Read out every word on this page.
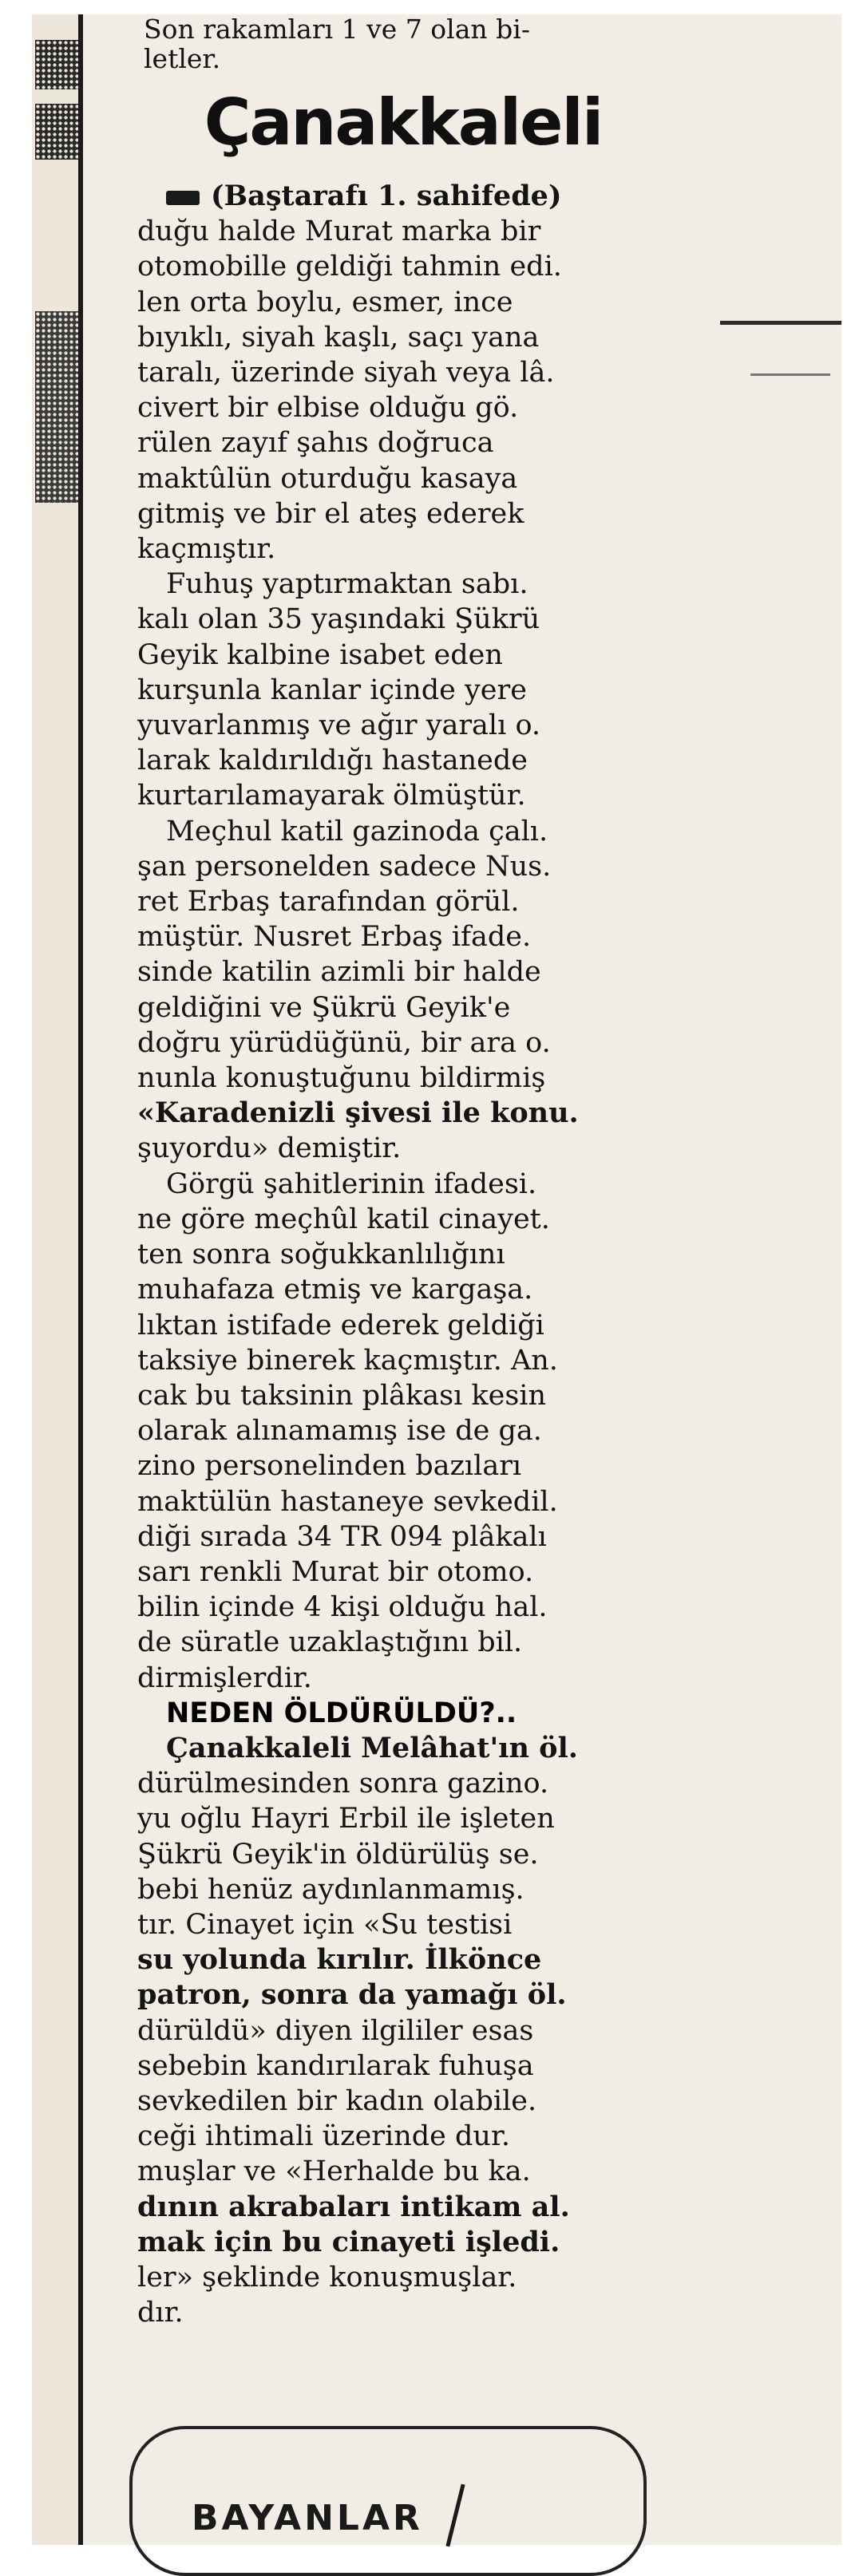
Son rakamları 1 ve 7 olan bi-
letler.
Çanakkaleli
(Baştarafı 1. sahifede)
duğu halde Murat marka bir
otomobille geldiği tahmin edi.
len orta boylu, esmer, ince
bıyıklı, siyah kaşlı, saçı yana
taralı, üzerinde siyah veya lâ.
civert bir elbise olduğu gö.
rülen zayıf şahıs doğruca
maktûlün oturduğu kasaya
gitmiş ve bir el ateş ederek
kaçmıştır.
Fuhuş yaptırmaktan sabı.
kalı olan 35 yaşındaki Şükrü
Geyik kalbine isabet eden
kurşunla kanlar içinde yere
yuvarlanmış ve ağır yaralı o.
larak kaldırıldığı hastanede
kurtarılamayarak ölmüştür.
Meçhul katil gazinoda çalı.
şan personelden sadece Nus.
ret Erbaş tarafından görül.
müştür. Nusret Erbaş ifade.
sinde katilin azimli bir halde
geldiğini ve Şükrü Geyik'e
doğru yürüdüğünü, bir ara o.
nunla konuştuğunu bildirmiş
«Karadenizli şivesi ile konu.
şuyordu» demiştir.
Görgü şahitlerinin ifadesi.
ne göre meçhûl katil cinayet.
ten sonra soğukkanlılığını
muhafaza etmiş ve kargaşa.
lıktan istifade ederek geldiği
taksiye binerek kaçmıştır. An.
cak bu taksinin plâkası kesin
olarak alınamamış ise de ga.
zino personelinden bazıları
maktülün hastaneye sevkedil.
diği sırada 34 TR 094 plâkalı
sarı renkli Murat bir otomo.
bilin içinde 4 kişi olduğu hal.
de süratle uzaklaştığını bil.
dirmişlerdir.
NEDEN ÖLDÜRÜLDÜ?..
Çanakkaleli Melâhat'ın öl.
dürülmesinden sonra gazino.
yu oğlu Hayri Erbil ile işleten
Şükrü Geyik'in öldürülüş se.
bebi henüz aydınlanmamış.
tır. Cinayet için «Su testisi
su yolunda kırılır. İlkönce
patron, sonra da yamağı öl.
dürüldü» diyen ilgililer esas
sebebin kandırılarak fuhuşa
sevkedilen bir kadın olabile.
ceği ihtimali üzerinde dur.
muşlar ve «Herhalde bu ka.
dının akrabaları intikam al.
mak için bu cinayeti işledi.
ler» şeklinde konuşmuşlar.
dır.
BAYANLAR
